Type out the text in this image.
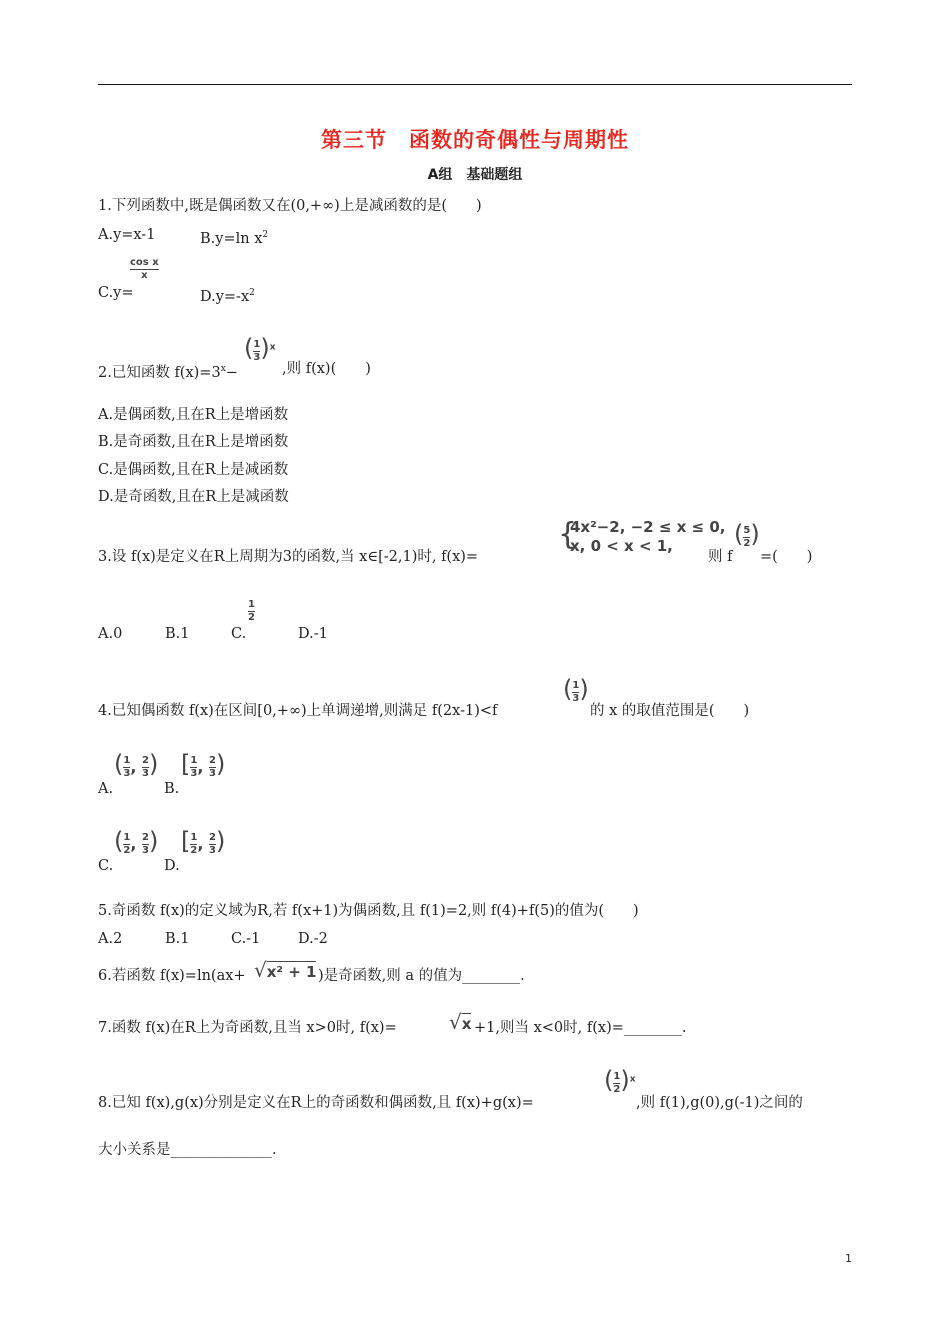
第三节　函数的奇偶性与周期性
A组　基础题组
1.下列函数中,既是偶函数又在(0,+∞)上是减函数的是(　　)
A.y=x-1	B.y=ln $x^2$
C.y=
$\frac{\text{cos x}}{x}$
$D.y=-x^2$
2.已知函数 $f(x)=3^x-$
( $\frac{1}{3} )^x$
,则 f(x)(　　)
A.是偶函数,且在R上是增函数
B.是奇函数,且在R上是增函数
C.是偶函数,且在R上是减函数
D.是奇函数,且在R上是减函数
3.设 f(x)是定义在R上周期为3的函数,当 x∈[-2,1)时, f(x)=
{
4x²−2, −2 ≤ x ≤ 0,
x, 0 < x < 1,
则 f
( $\frac{5}{2}$ )
=(　　)
A.0	B.1	C.
$\frac{1}{2}$
D.-1
4.已知偶函数 f(x)在区间[0,+∞)上单调递增,则满足 f(2x-1)<f
( $\frac{1}{3}$ )
的 x 的取值范围是(　　)
A.
( $\frac{1}{3}$ , $\frac{2}{3}$ )
B.
[ $\frac{1}{3}$ , $\frac{2}{3}$ )
C.
( $\frac{1}{2}$ , $\frac{2}{3}$ )
D.
[ $\frac{1}{2}$ , $\frac{2}{3}$ )
5.奇函数 f(x)的定义域为R,若 f(x+1)为偶函数,且 f(1)=2,则 f(4)+f(5)的值为(　　)
A.2	B.1	C.-1	D.-2
6.若函数 f(x)=ln(ax+ √x² + 1 )是奇函数,则 a 的值为________.
7.函数 f(x)在R上为奇函数,且当 x>0时, f(x)=	√x +1,则当 x<0时, f(x)=________.
8.已知 f(x),g(x)分别是定义在R上的奇函数和偶函数,且 f(x)+g(x)=
( $\frac{1}{2} )^x$
,则 f(1),g(0),g(-1)之间的
大小关系是______________.
1
